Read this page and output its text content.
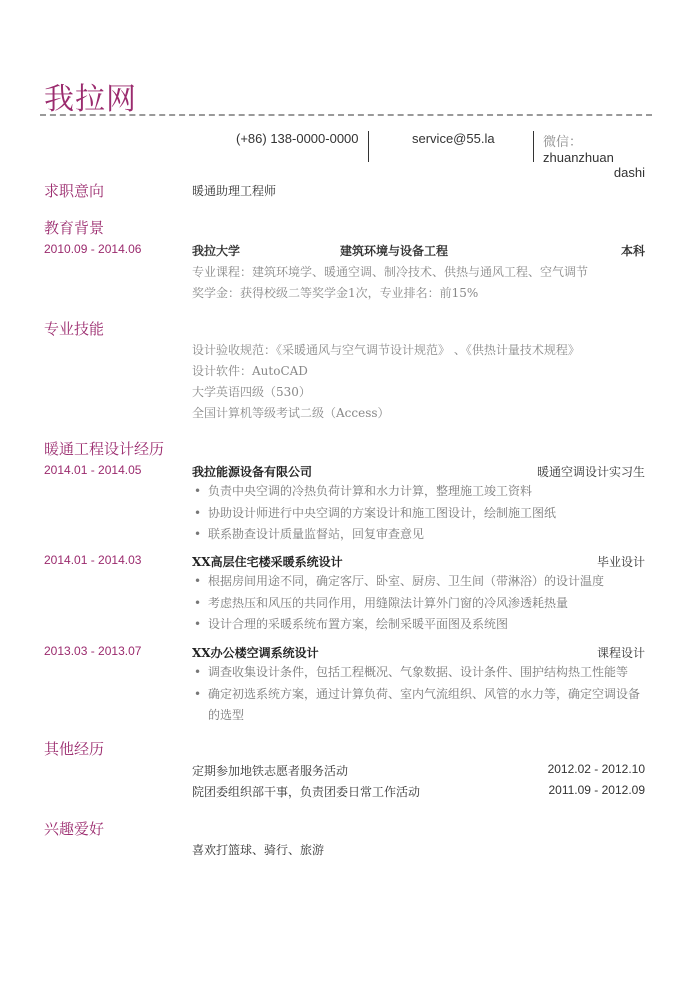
我拉网
(+86) 138-0000-0000	service@55.la	微信：zhuanzhuan
dashi
求职意向	暖通助理工程师
教育背景
2010.09 - 2014.06	我拉大学	建筑环境与设备工程	本科
专业课程：建筑环境学、暖通空调、制冷技术、供热与通风工程、空气调节
奖学金：获得校级二等奖学金1次，专业排名：前15%
专业技能
设计验收规范：《采暖通风与空气调节设计规范》 、《供热计量技术规程》
设计软件：AutoCAD
大学英语四级（530）
全国计算机等级考试二级（Access）
暖通工程设计经历
2014.01 - 2014.05	我拉能源设备有限公司	暖通空调设计实习生
• 负责中央空调的冷热负荷计算和水力计算，整理施工竣工资料
• 协助设计师进行中央空调的方案设计和施工图设计，绘制施工图纸
• 联系勘查设计质量监督站，回复审查意见
2014.01 - 2014.03	XX高层住宅楼采暖系统设计	毕业设计
• 根据房间用途不同，确定客厅、卧室、厨房、卫生间（带淋浴）的设计温度
• 考虑热压和风压的共同作用，用缝隙法计算外门窗的冷风渗透耗热量
• 设计合理的采暖系统布置方案，绘制采暖平面图及系统图
2013.03 - 2013.07	XX办公楼空调系统设计	课程设计
• 调查收集设计条件，包括工程概况、气象数据、设计条件、围护结构热工性能等
• 确定初选系统方案，通过计算负荷、室内气流组织、风管的水力等，确定空调设备的选型
其他经历
定期参加地铁志愿者服务活动	2012.02 - 2012.10
院团委组织部干事，负责团委日常工作活动	2011.09 - 2012.09
兴趣爱好
喜欢打篮球、骑行、旅游
